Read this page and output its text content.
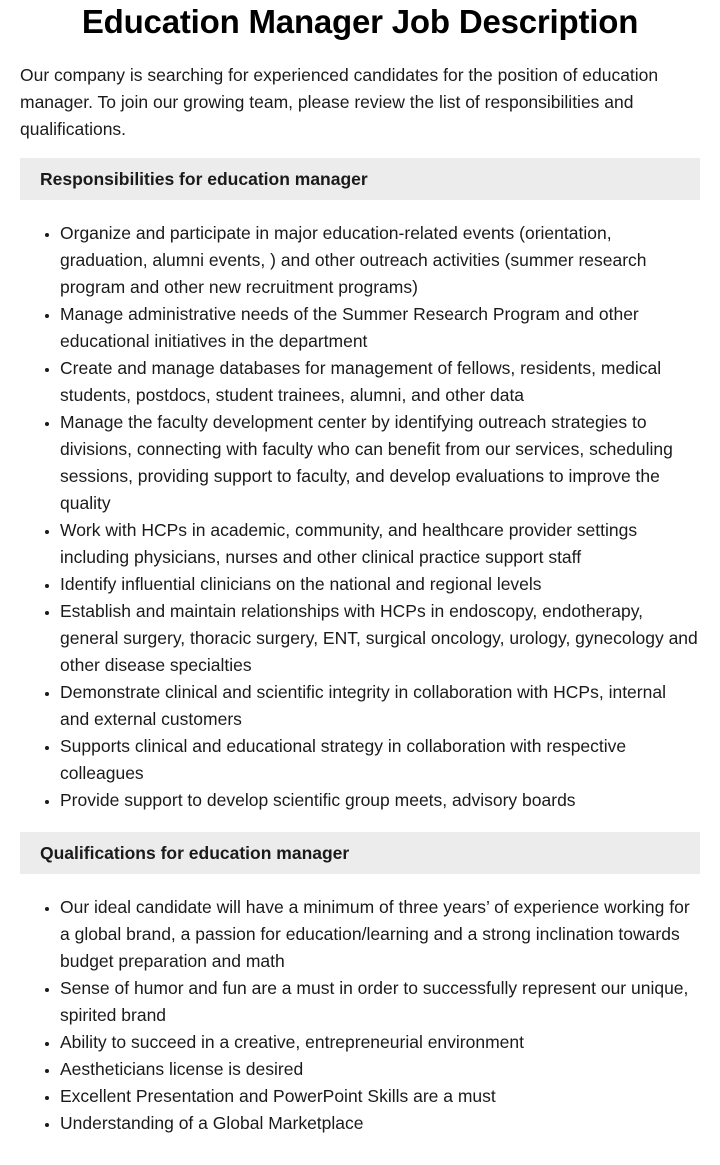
Education Manager Job Description

Our company is searching for experienced candidates for the position of education manager. To join our growing team, please review the list of responsibilities and qualifications.

Responsibilities for education manager
• Organize and participate in major education-related events (orientation, graduation, alumni events, ) and other outreach activities (summer research program and other new recruitment programs)
• Manage administrative needs of the Summer Research Program and other educational initiatives in the department
• Create and manage databases for management of fellows, residents, medical students, postdocs, student trainees, alumni, and other data
• Manage the faculty development center by identifying outreach strategies to divisions, connecting with faculty who can benefit from our services, scheduling sessions, providing support to faculty, and develop evaluations to improve the quality
• Work with HCPs in academic, community, and healthcare provider settings including physicians, nurses and other clinical practice support staff
• Identify influential clinicians on the national and regional levels
• Establish and maintain relationships with HCPs in endoscopy, endotherapy, general surgery, thoracic surgery, ENT, surgical oncology, urology, gynecology and other disease specialties
• Demonstrate clinical and scientific integrity in collaboration with HCPs, internal and external customers
• Supports clinical and educational strategy in collaboration with respective colleagues
• Provide support to develop scientific group meets, advisory boards
Qualifications for education manager
• Our ideal candidate will have a minimum of three years’ of experience working for a global brand, a passion for education/learning and a strong inclination towards budget preparation and math
• Sense of humor and fun are a must in order to successfully represent our unique, spirited brand
• Ability to succeed in a creative, entrepreneurial environment
• Aestheticians license is desired
• Excellent Presentation and PowerPoint Skills are a must
• Understanding of a Global Marketplace
